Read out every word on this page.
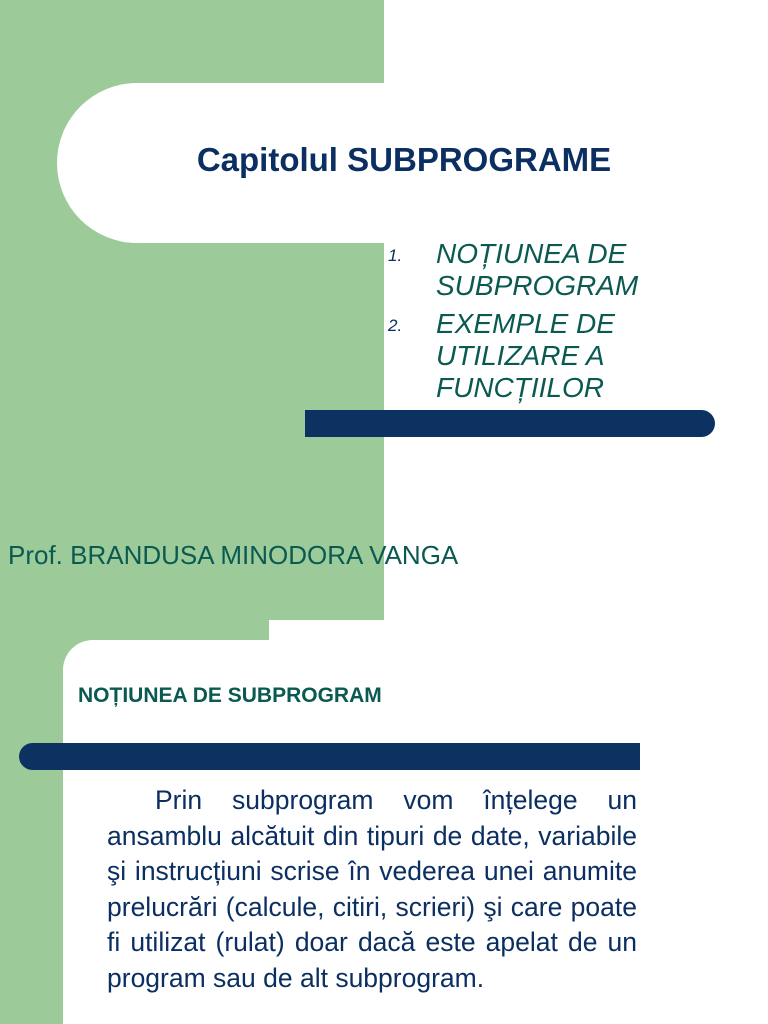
Capitolul SUBPROGRAME
1.	NOȚIUNEA DE SUBPROGRAM
2.	EXEMPLE DE UTILIZARE A FUNCȚIILOR

Prof. BRANDUSA MINODORA VANGA

NOȚIUNEA DE SUBPROGRAM

Prin subprogram vom înțelege un ansamblu alcătuit din tipuri de date, variabile şi instrucțiuni scrise în vederea unei anumite prelucrări (calcule, citiri, scrieri) şi care poate fi utilizat (rulat) doar dacă este apelat de un program sau de alt subprogram.
